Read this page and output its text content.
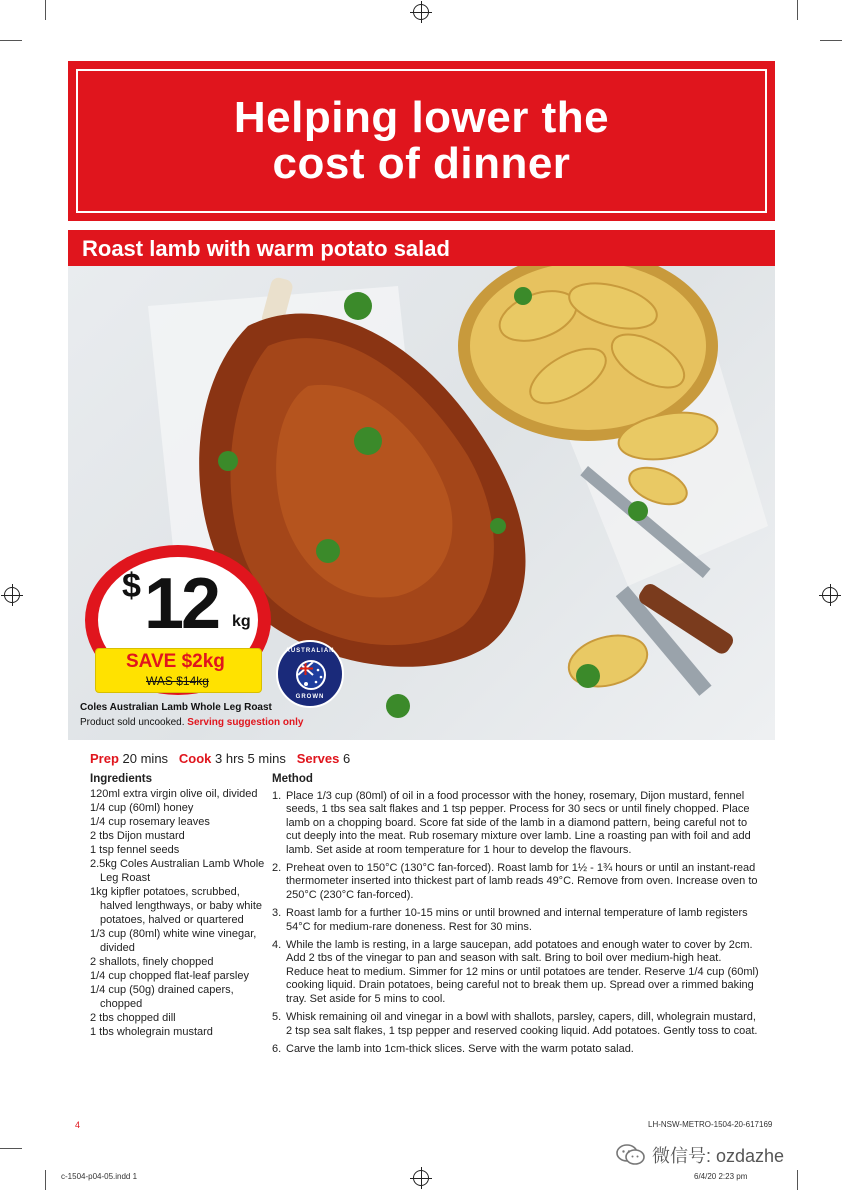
Helping lower the
cost of dinner
Roast lamb with warm potato salad
Coles Australian Lamb Whole Leg Roast
Product sold uncooked. Serving suggestion only
$ 12 kg
SAVE $2kg
WAS $14kg
AUSTRALIAN
GROWN
Prep 20 mins Cook 3 hrs 5 mins Serves 6
Ingredients
120ml extra virgin olive oil, divided
1/4 cup (60ml) honey
1/4 cup rosemary leaves
2 tbs Dijon mustard
1 tsp fennel seeds
2.5kg Coles Australian Lamb Whole Leg Roast
1kg kipfler potatoes, scrubbed, halved lengthways, or baby white potatoes, halved or quartered
1/3 cup (80ml) white wine vinegar, divided
2 shallots, finely chopped
1/4 cup chopped flat-leaf parsley
1/4 cup (50g) drained capers, chopped
2 tbs chopped dill
1 tbs wholegrain mustard
Method
1. Place 1/3 cup (80ml) of oil in a food processor with the honey, rosemary, Dijon mustard, fennel seeds, 1 tbs sea salt flakes and 1 tsp pepper. Process for 30 secs or until finely chopped. Place lamb on a chopping board. Score fat side of the lamb in a diamond pattern, being careful not to cut deeply into the meat. Rub rosemary mixture over lamb. Line a roasting pan with foil and add lamb. Set aside at room temperature for 1 hour to develop the flavours.
2. Preheat oven to 150°C (130°C fan-forced). Roast lamb for 1½ - 1¾ hours or until an instant-read thermometer inserted into thickest part of lamb reads 49°C. Remove from oven. Increase oven to 250°C (230°C fan-forced).
3. Roast lamb for a further 10-15 mins or until browned and internal temperature of lamb registers 54°C for medium-rare doneness. Rest for 30 mins.
4. While the lamb is resting, in a large saucepan, add potatoes and enough water to cover by 2cm. Add 2 tbs of the vinegar to pan and season with salt. Bring to boil over medium-high heat. Reduce heat to medium. Simmer for 12 mins or until potatoes are tender. Reserve 1/4 cup (60ml) cooking liquid. Drain potatoes, being careful not to break them up. Spread over a rimmed baking tray. Set aside for 5 mins to cool.
5. Whisk remaining oil and vinegar in a bowl with shallots, parsley, capers, dill, wholegrain mustard, 2 tsp sea salt flakes, 1 tsp pepper and reserved cooking liquid. Add potatoes. Gently toss to coat.
6. Carve the lamb into 1cm-thick slices. Serve with the warm potato salad.
4	LH-NSW-METRO-1504-20-617169
微信号: ozdazhe
c-1504-p04-05.indd 1	6/4/20 2:23 pm
